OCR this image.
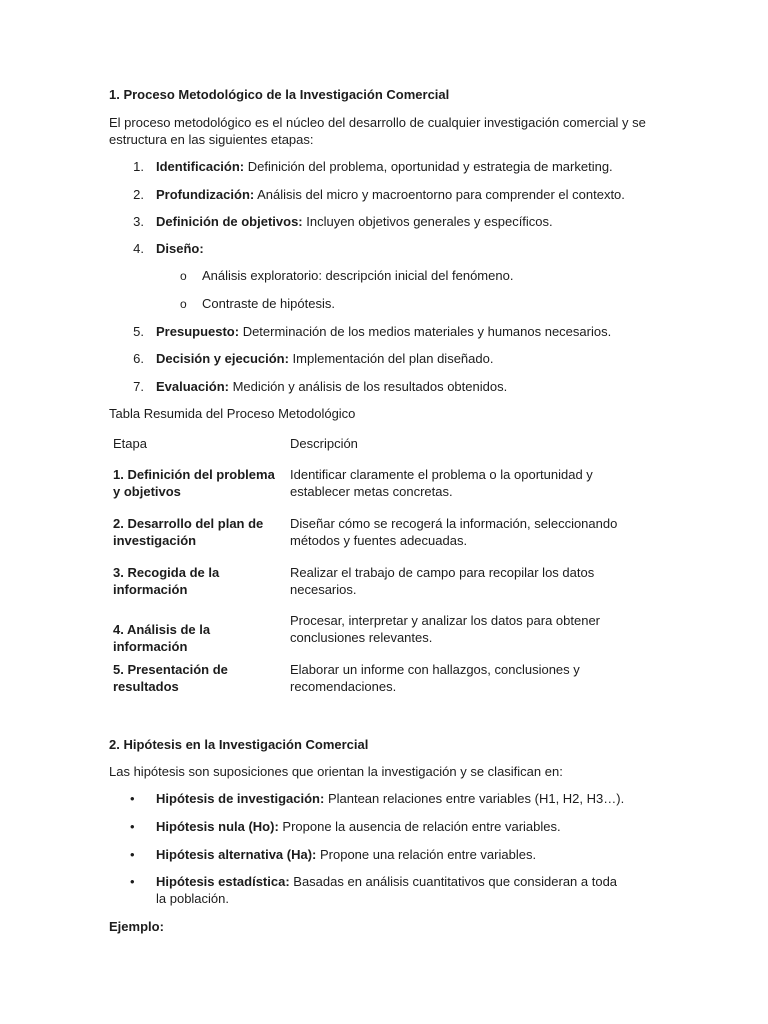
1. Proceso Metodológico de la Investigación Comercial
El proceso metodológico es el núcleo del desarrollo de cualquier investigación comercial y se estructura en las siguientes etapas:
1. Identificación: Definición del problema, oportunidad y estrategia de marketing.
2. Profundización: Análisis del micro y macroentorno para comprender el contexto.
3. Definición de objetivos: Incluyen objetivos generales y específicos.
4. Diseño:
o Análisis exploratorio: descripción inicial del fenómeno.
o Contraste de hipótesis.
5. Presupuesto: Determinación de los medios materiales y humanos necesarios.
6. Decisión y ejecución: Implementación del plan diseñado.
7. Evaluación: Medición y análisis de los resultados obtenidos.
Tabla Resumida del Proceso Metodológico
Etapa	Descripción
1. Definición del problema y objetivos
Identificar claramente el problema o la oportunidad y establecer metas concretas.
2. Desarrollo del plan de investigación
Diseñar cómo se recogerá la información, seleccionando métodos y fuentes adecuadas.
3. Recogida de la información
Realizar el trabajo de campo para recopilar los datos necesarios.
4. Análisis de la información
Procesar, interpretar y analizar los datos para obtener conclusiones relevantes.
5. Presentación de resultados
Elaborar un informe con hallazgos, conclusiones y recomendaciones.
2. Hipótesis en la Investigación Comercial
Las hipótesis son suposiciones que orientan la investigación y se clasifican en:
• Hipótesis de investigación: Plantean relaciones entre variables (H1, H2, H3…).
• Hipótesis nula (Ho): Propone la ausencia de relación entre variables.
• Hipótesis alternativa (Ha): Propone una relación entre variables.
• Hipótesis estadística: Basadas en análisis cuantitativos que consideran a toda la población.
Ejemplo:
